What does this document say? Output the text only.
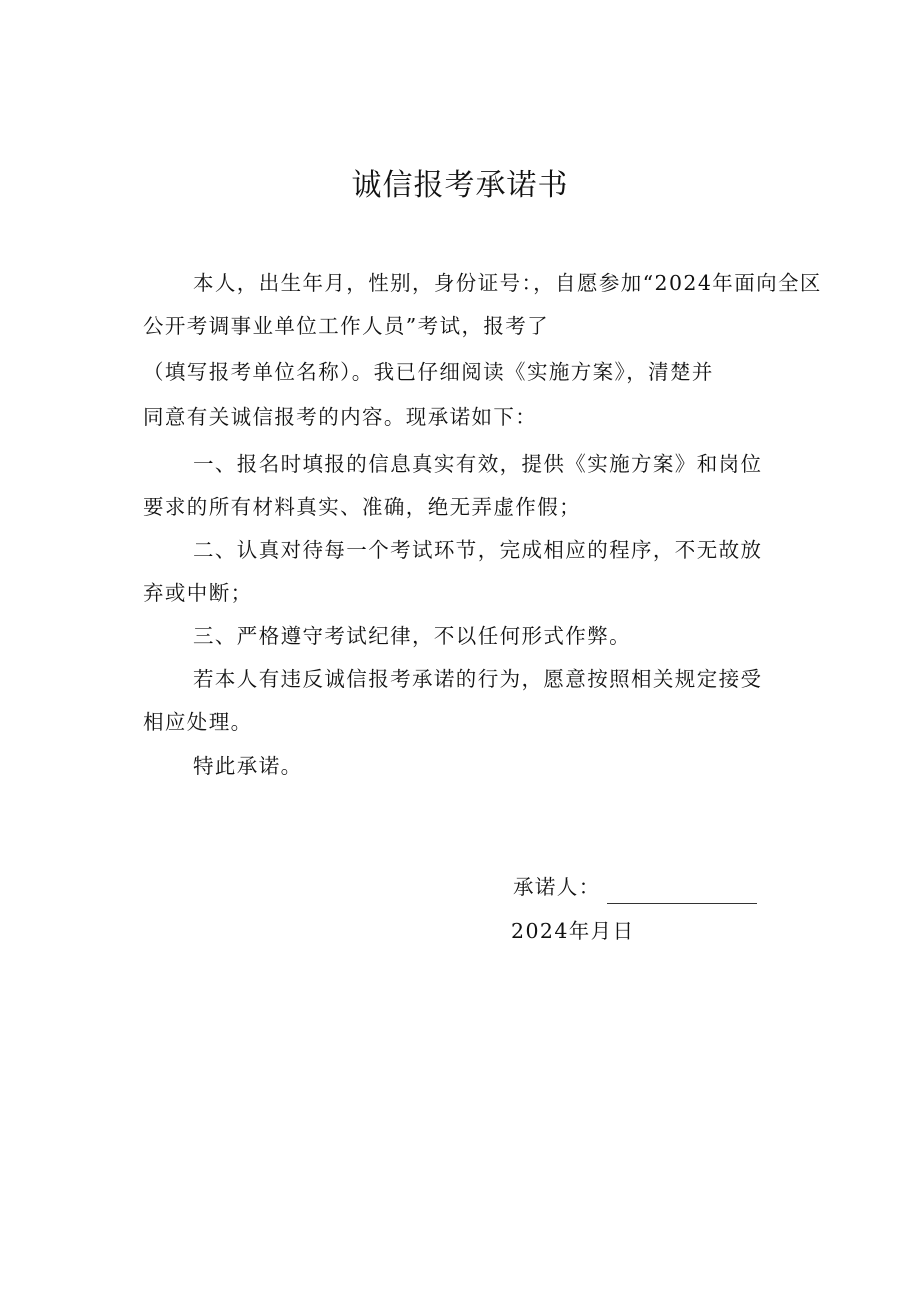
诚信报考承诺书
本人，出生年月，性别，身份证号：，自愿参加“2024年面向全区
公开考调事业单位工作人员”考试，报考了
（填写报考单位名称）。我已仔细阅读《实施方案》，清楚并
同意有关诚信报考的内容。现承诺如下：
一、报名时填报的信息真实有效，提供《实施方案》和岗位
要求的所有材料真实、准确，绝无弄虚作假；
二、认真对待每一个考试环节，完成相应的程序，不无故放
弃或中断；
三、严格遵守考试纪律，不以任何形式作弊。
若本人有违反诚信报考承诺的行为，愿意按照相关规定接受
相应处理。
特此承诺。
承诺人：
2024年月日
